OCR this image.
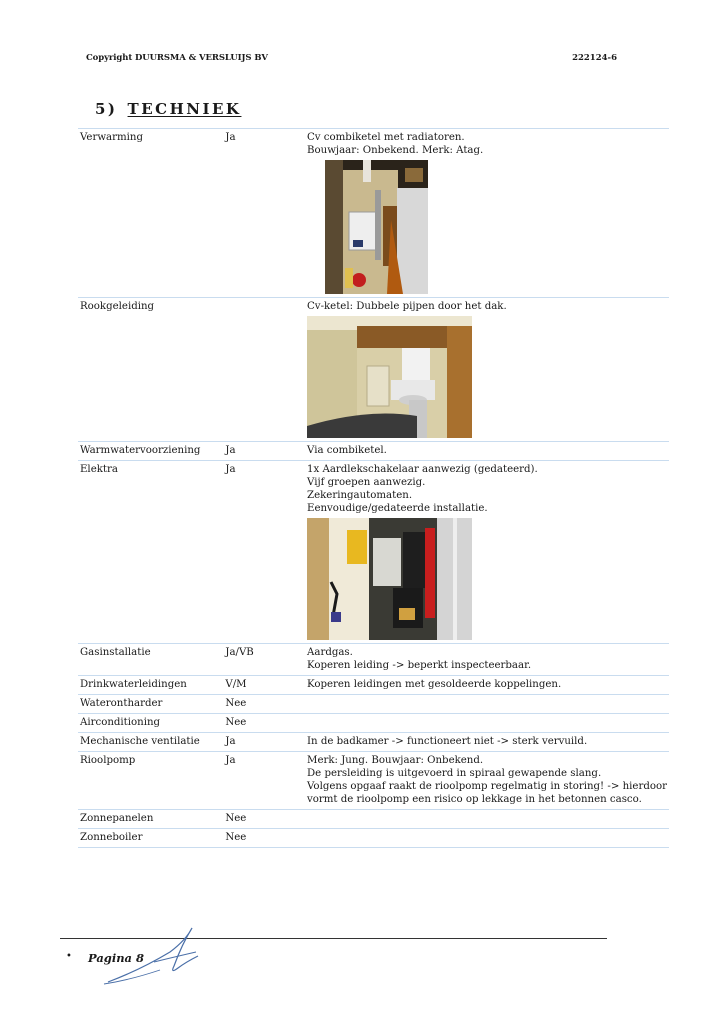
Copyright DUURSMA & VERSLUIJS BV	222124-6
5) TECHNIEK
Verwarming	Ja	Cv combiketel met radiatoren.
Bouwjaar: Onbekend. Merk: Atag.

Rookgeleiding		Cv-ketel: Dubbele pijpen door het dak.

Warmwatervoorziening	Ja	Via combiketel.

Elektra	Ja	1x Aardlekschakelaar aanwezig (gedateerd).
Vijf groepen aanwezig.
Zekeringautomaten.
Eenvoudige/gedateerde installatie.

Gasinstallatie	Ja/VB	Aardgas.
Koperen leiding -> beperkt inspecteerbaar.

Drinkwaterleidingen	V/M	Koperen leidingen met gesoldeerde koppelingen.

Waterontharder	Nee	
Airconditioning	Nee	
Mechanische ventilatie	Ja	In de badkamer -> functioneert niet -> sterk vervuild.

Rioolpomp	Ja	Merk: Jung. Bouwjaar: Onbekend.
De persleiding is uitgevoerd in spiraal gewapende slang.
Volgens opgaaf raakt de rioolpomp regelmatig in storing! -> hierdoor
vormt de rioolpomp een risico op lekkage in het betonnen casco.

Zonnepanelen	Nee	
Zonneboiler	Nee	
• Pagina 8
